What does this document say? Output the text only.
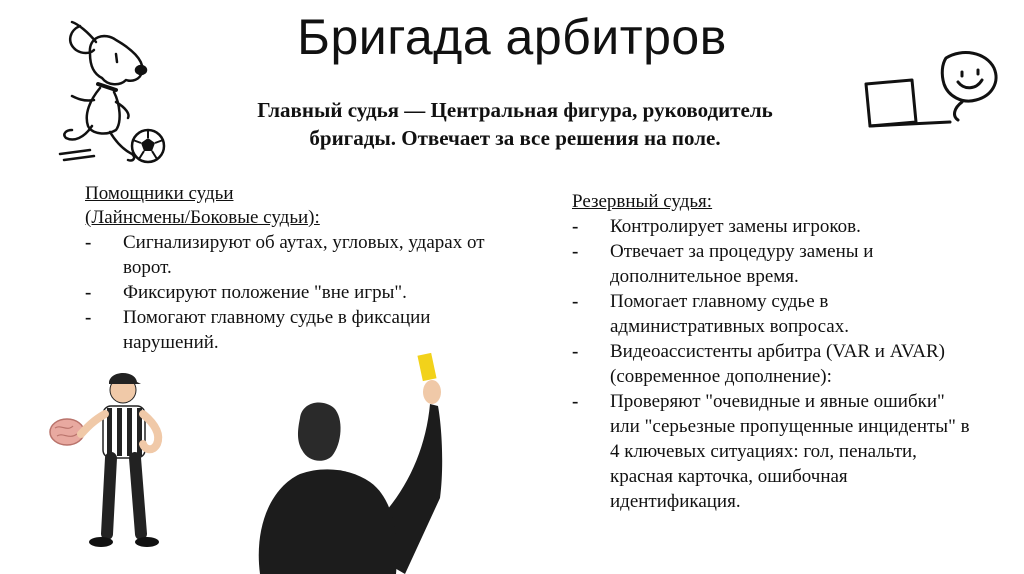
Бригада арбитров
Главный судья — Центральная фигура, руководитель бригады. Отвечает за все решения на поле.
Помощники судьи
(Лайнсмены/Боковые судьи):
- Сигнализируют об аутах, угловых, ударах от ворот.
- Фиксируют положение "вне игры".
- Помогают главному судье в фиксации нарушений.
Резервный судья:
- Контролирует замены игроков.
- Отвечает за процедуру замены и дополнительное время.
- Помогает главному судье в административных вопросах.
- Видеоассистенты арбитра (VAR и AVAR) (современное дополнение):
- Проверяют "очевидные и явные ошибки" или "серьезные пропущенные инциденты" в 4 ключевых ситуациях: гол, пенальти, красная карточка, ошибочная идентификация.
